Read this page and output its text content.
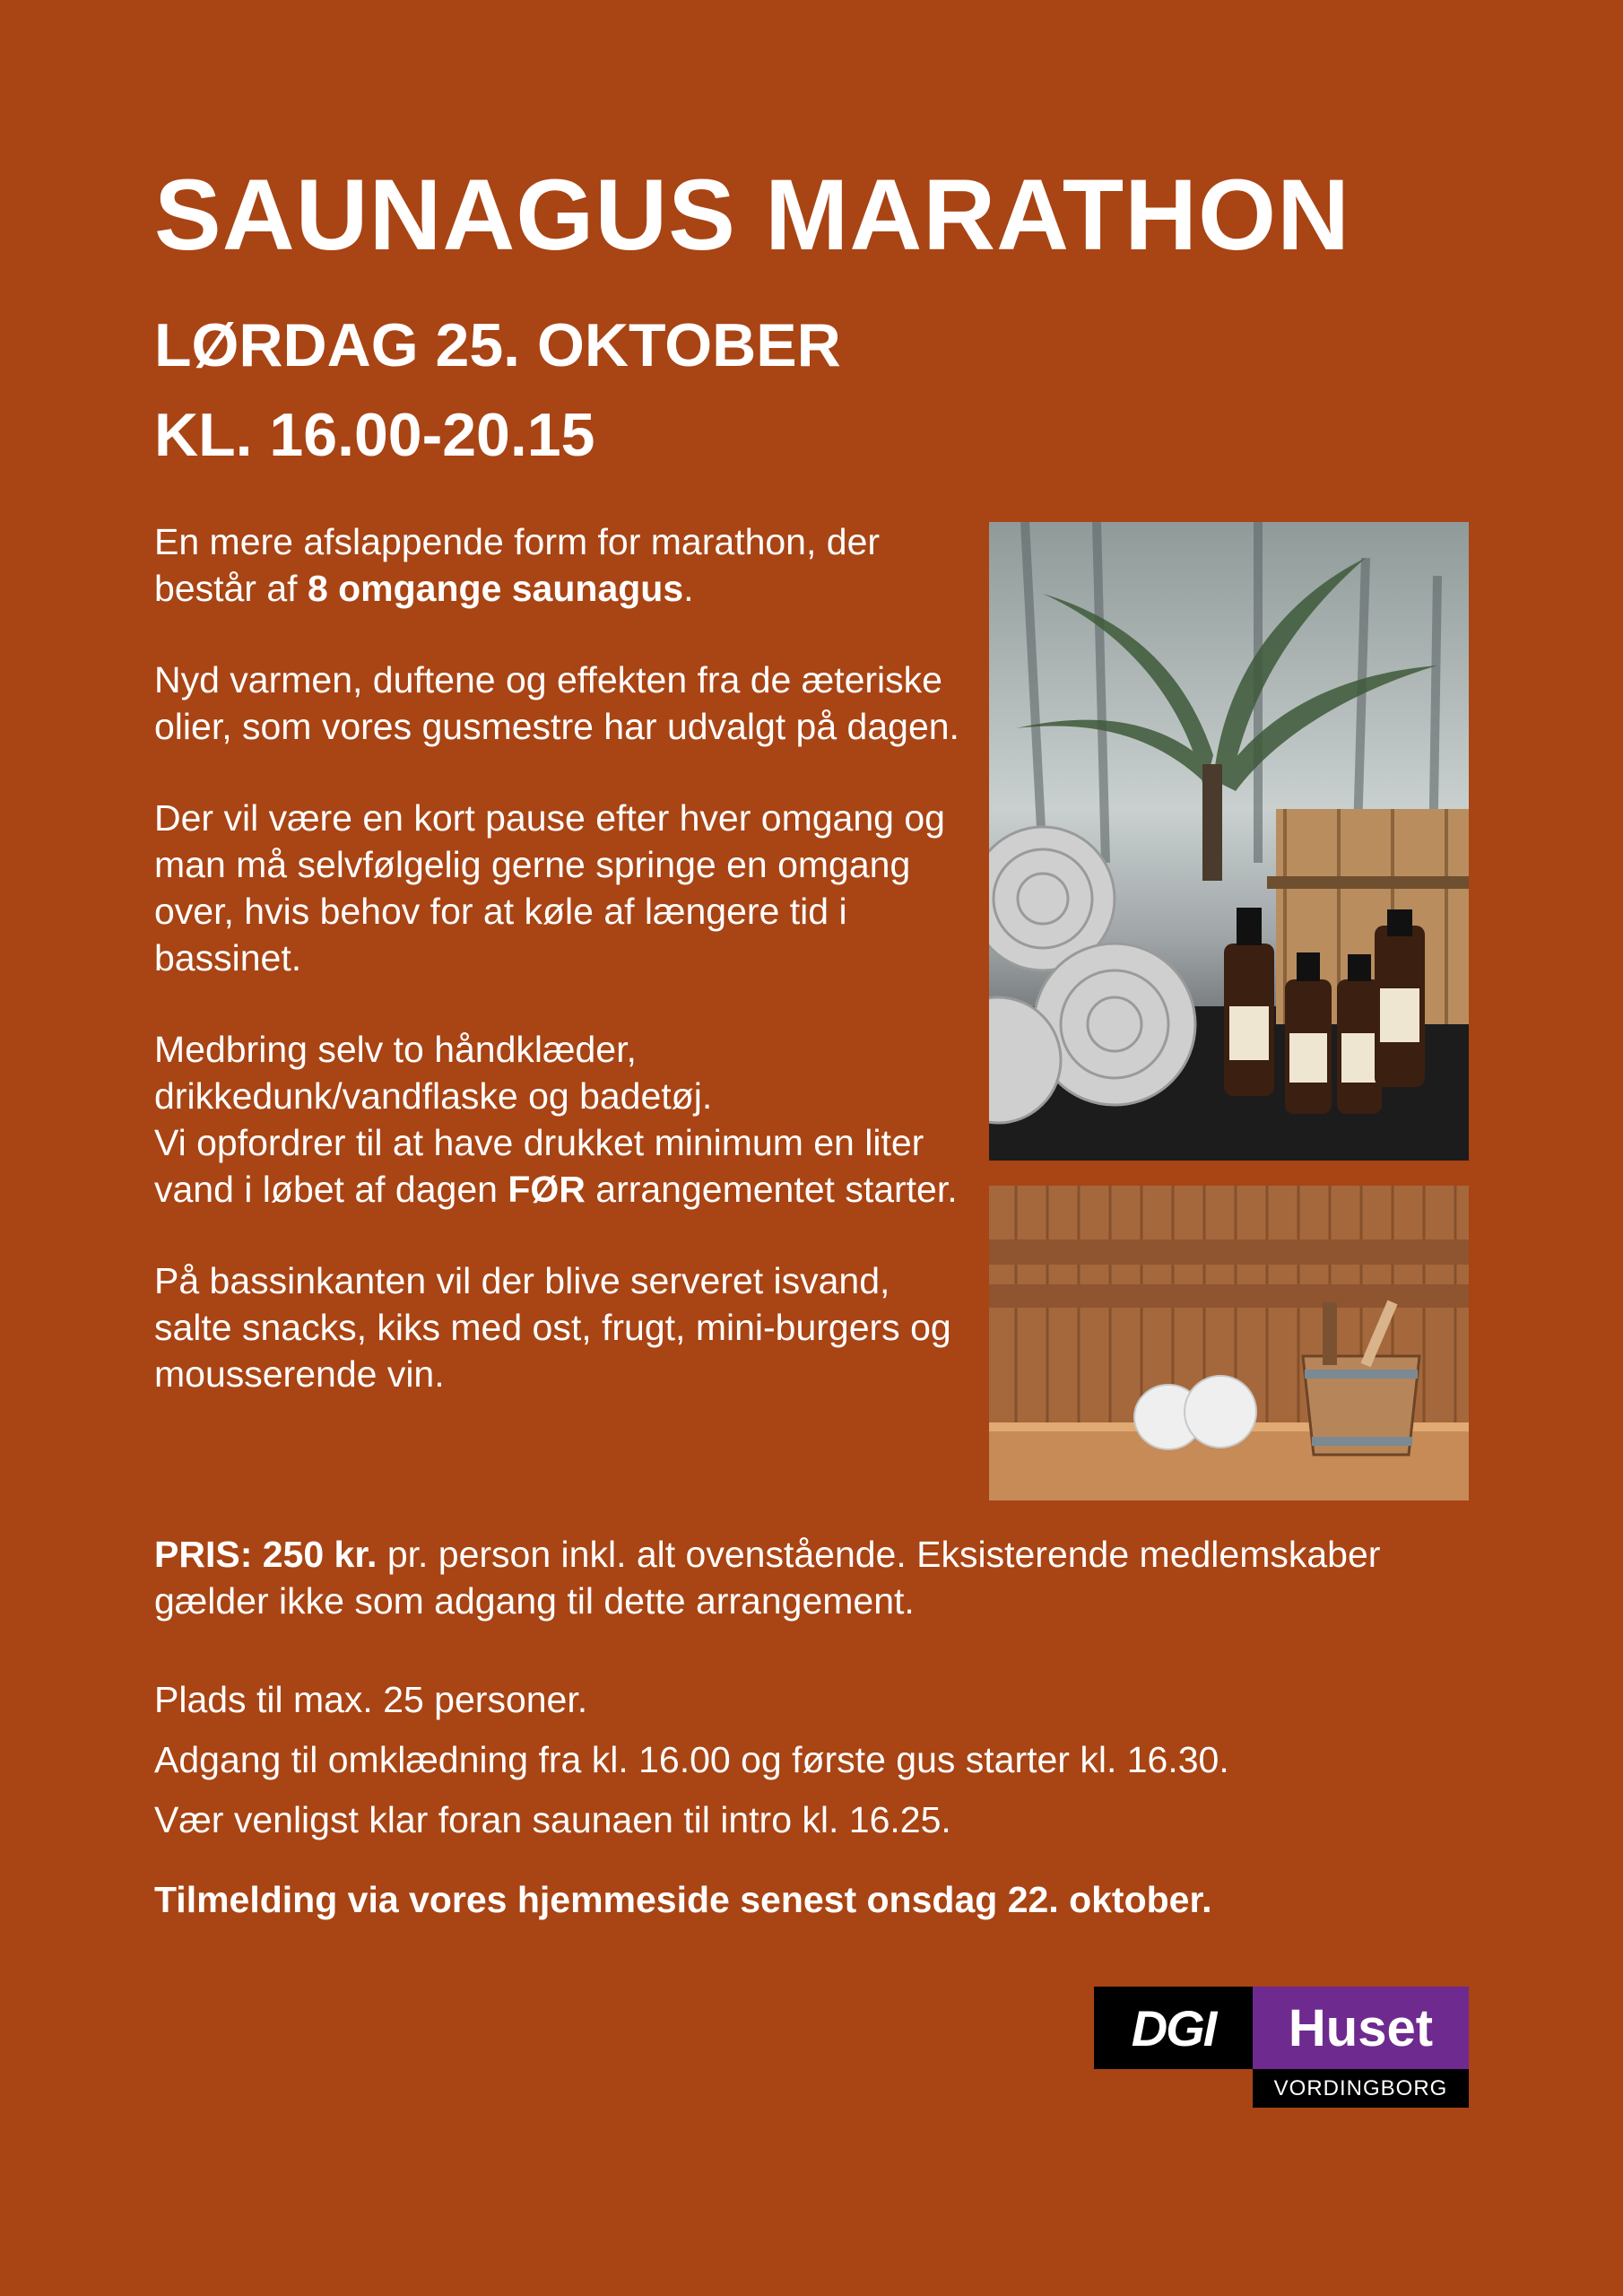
SAUNAGUS MARATHON
LØRDAG 25. OKTOBER
KL. 16.00-20.15

En mere afslappende form for marathon, der består af 8 omgange saunagus.

Nyd varmen, duftene og effekten fra de æteriske olier, som vores gusmestre har udvalgt på dagen.

Der vil være en kort pause efter hver omgang og man må selvfølgelig gerne springe en omgang over, hvis behov for at køle af længere tid i bassinet.

Medbring selv to håndklæder, drikkedunk/vandflaske og badetøj.
Vi opfordrer til at have drukket minimum en liter vand i løbet af dagen FØR arrangementet starter.

På bassinkanten vil der blive serveret isvand, salte snacks, kiks med ost, frugt, mini-burgers og mousserende vin.

PRIS: 250 kr. pr. person inkl. alt ovenstående. Eksisterende medlemskaber gælder ikke som adgang til dette arrangement.
Plads til max. 25 personer.
Adgang til omklædning fra kl. 16.00 og første gus starter kl. 16.30.
Vær venligst klar foran saunaen til intro kl. 16.25.
Tilmelding via vores hjemmeside senest onsdag 22. oktober.
DGI	Huset
VORDINGBORG
